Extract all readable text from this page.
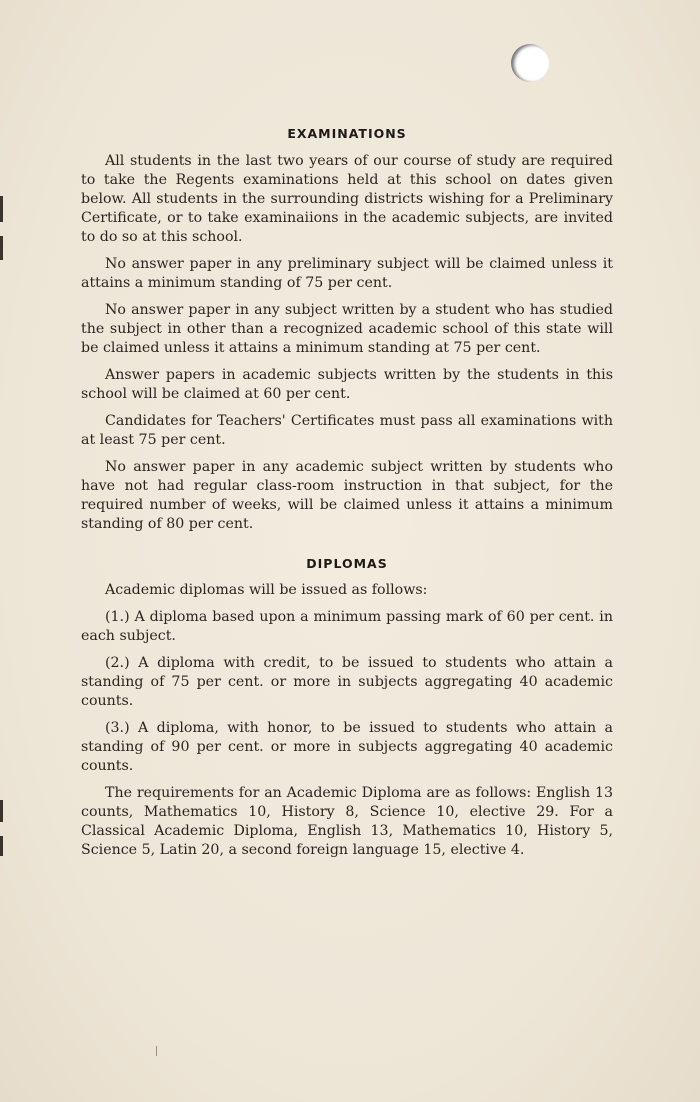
EXAMINATIONS

All students in the last two years of our course of study are required to take the Regents examinations held at this school on dates given below. All students in the surrounding districts wishing for a Preliminary Certificate, or to take examinaiions in the academic subjects, are invited to do so at this school.

No answer paper in any preliminary subject will be claimed unless it attains a minimum standing of 75 per cent.

No answer paper in any subject written by a student who has studied the subject in other than a recognized academic school of this state will be claimed unless it attains a minimum standing at 75 per cent.

Answer papers in academic subjects written by the students in this school will be claimed at 60 per cent.

Candidates for Teachers' Certificates must pass all examinations with at least 75 per cent.

No answer paper in any academic subject written by students who have not had regular class-room instruction in that subject, for the required number of weeks, will be claimed unless it attains a minimum standing of 80 per cent.

DIPLOMAS

Academic diplomas will be issued as follows:

(1.) A diploma based upon a minimum passing mark of 60 per cent. in each subject.

(2.) A diploma with credit, to be issued to students who attain a standing of 75 per cent. or more in subjects aggregating 40 academic counts.

(3.) A diploma, with honor, to be issued to students who attain a standing of 90 per cent. or more in subjects aggregating 40 academic counts.

The requirements for an Academic Diploma are as follows: English 13 counts, Mathematics 10, History 8, Science 10, elective 29. For a Classical Academic Diploma, English 13, Mathematics 10, History 5, Science 5, Latin 20, a second foreign language 15, elective 4.
